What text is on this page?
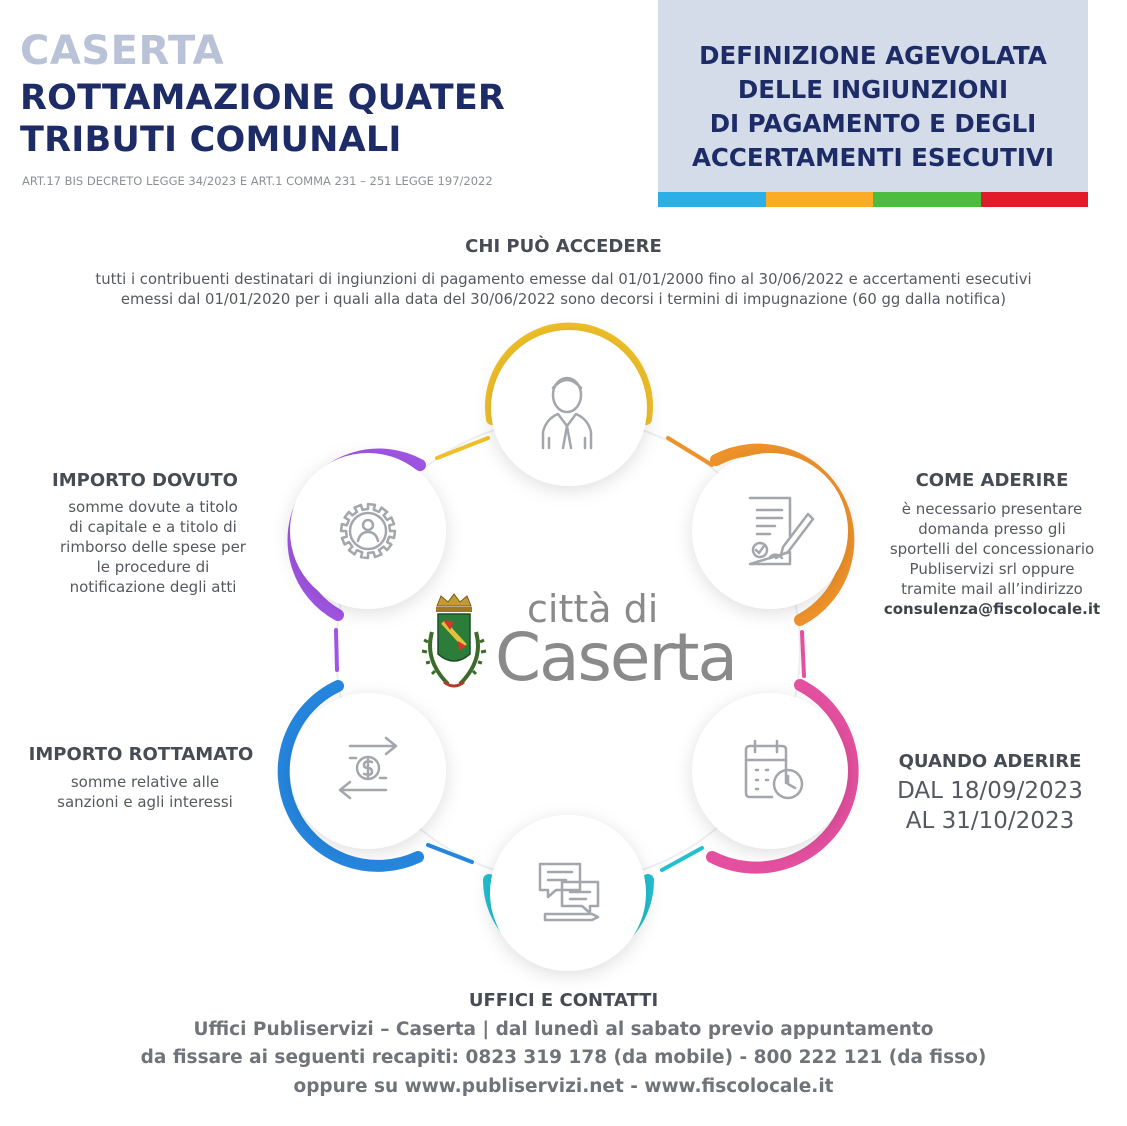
CASERTA
ROTTAMAZIONE QUATER
TRIBUTI COMUNALI
ART.17 BIS DECRETO LEGGE 34/2023 E ART.1 COMMA 231 – 251 LEGGE 197/2022
DEFINIZIONE AGEVOLATA
DELLE INGIUNZIONI
DI PAGAMENTO E DEGLI
ACCERTAMENTI ESECUTIVI
CHI PUÒ ACCEDERE
tutti i contribuenti destinatari di ingiunzioni di pagamento emesse dal 01/01/2000 fino al 30/06/2022 e accertamenti esecutivi
emessi dal 01/01/2020 per i quali alla data del 30/06/2022 sono decorsi i termini di impugnazione (60 gg dalla notifica)
città di
Caserta
IMPORTO DOVUTO
somme dovute a titolo
di capitale e a titolo di
rimborso delle spese per
le procedure di
notificazione degli atti
COME ADERIRE
è necessario presentare
domanda presso gli
sportelli del concessionario
Publiservizi srl oppure
tramite mail all’indirizzo
consulenza@fiscolocale.it
IMPORTO ROTTAMATO
somme relative alle
sanzioni e agli interessi
QUANDO ADERIRE
DAL 18/09/2023
AL 31/10/2023
UFFICI E CONTATTI
Uffici Publiservizi – Caserta | dal lunedì al sabato previo appuntamento
da fissare ai seguenti recapiti: 0823 319 178 (da mobile) - 800 222 121 (da fisso)
oppure su www.publiservizi.net - www.fiscolocale.it
